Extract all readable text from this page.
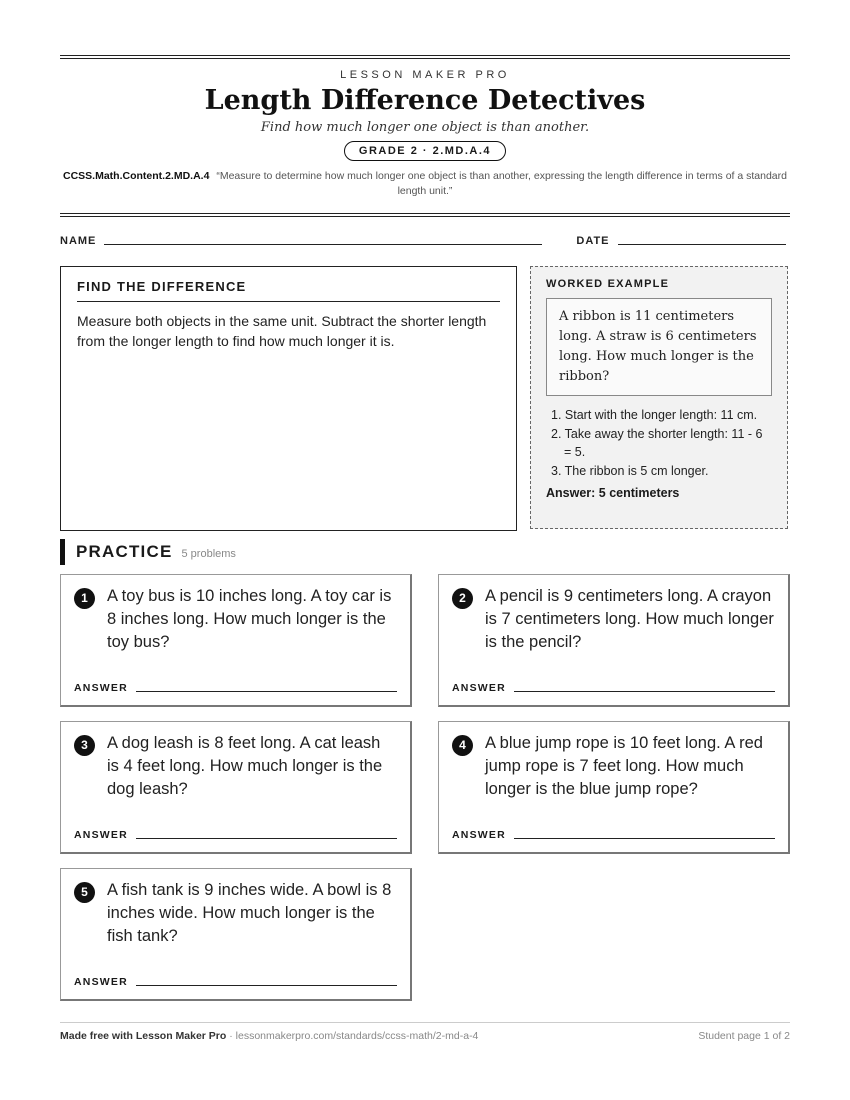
LESSON MAKER PRO
Length Difference Detectives
Find how much longer one object is than another.
GRADE 2 · 2.MD.A.4
CCSS.Math.Content.2.MD.A.4 “Measure to determine how much longer one object is than another, expressing the length difference in terms of a standard length unit.”
NAME	DATE
FIND THE DIFFERENCE
Measure both objects in the same unit. Subtract the shorter length from the longer length to find how much longer it is.
WORKED EXAMPLE
A ribbon is 11 centimeters long. A straw is 6 centimeters long. How much longer is the ribbon?
1. Start with the longer length: 11 cm.
2. Take away the shorter length: 11 - 6 = 5.
3. The ribbon is 5 cm longer.
Answer: 5 centimeters
PRACTICE 5 problems
1	A toy bus is 10 inches long. A toy car is 8 inches long. How much longer is the toy bus?
ANSWER
2	A pencil is 9 centimeters long. A crayon is 7 centimeters long. How much longer is the pencil?
ANSWER
3	A dog leash is 8 feet long. A cat leash is 4 feet long. How much longer is the dog leash?
ANSWER
4	A blue jump rope is 10 feet long. A red jump rope is 7 feet long. How much longer is the blue jump rope?
ANSWER
5	A fish tank is 9 inches wide. A bowl is 8 inches wide. How much longer is the fish tank?
ANSWER
Made free with Lesson Maker Pro · lessonmakerpro.com/standards/ccss-math/2-md-a-4	Student page 1 of 2
